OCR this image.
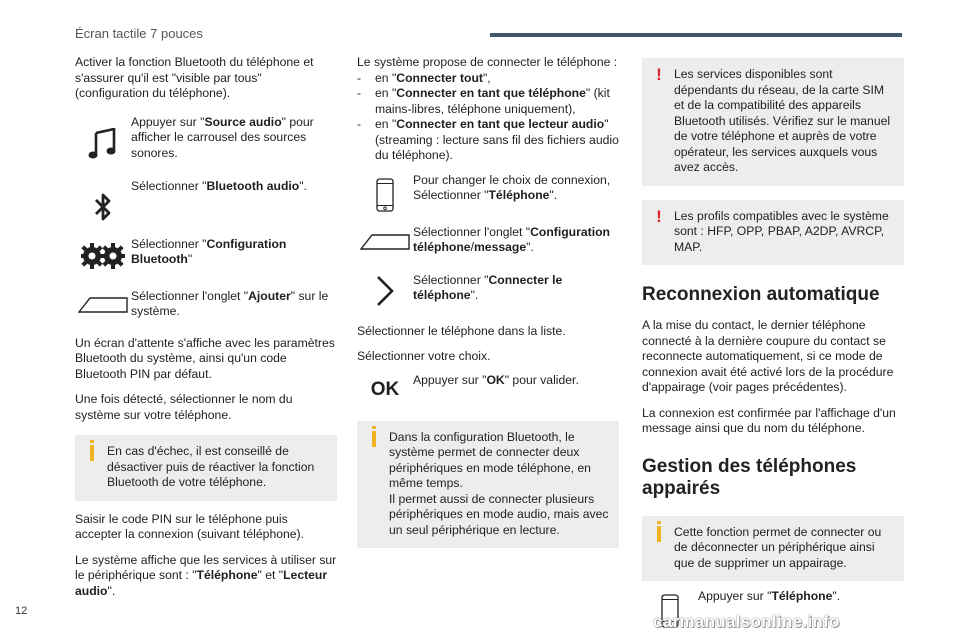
Écran tactile 7 pouces

Activer la fonction Bluetooth du téléphone et s'assurer qu'il est "visible par tous" (configuration du téléphone).

Appuyer sur "Source audio" pour afficher le carrousel des sources sonores.
Sélectionner "Bluetooth audio".
Sélectionner "Configuration Bluetooth"
Sélectionner l'onglet "Ajouter" sur le système.

Un écran d'attente s'affiche avec les paramètres Bluetooth du système, ainsi qu'un code Bluetooth PIN par défaut.

Une fois détecté, sélectionner le nom du système sur votre téléphone.

En cas d'échec, il est conseillé de désactiver puis de réactiver la fonction Bluetooth de votre téléphone.

Saisir le code PIN sur le téléphone puis accepter la connexion (suivant téléphone).

Le système affiche que les services à utiliser sur le périphérique sont : "Téléphone" et "Lecteur audio".

Le système propose de connecter le téléphone :

-	en "Connecter tout",
-	en "Connecter en tant que téléphone" (kit mains-libres, téléphone uniquement),
-	en "Connecter en tant que lecteur audio" (streaming : lecture sans fil des fichiers audio du téléphone).
Pour changer le choix de connexion, Sélectionner "Téléphone".
Sélectionner l'onglet "Configuration téléphone/message".
Sélectionner "Connecter le téléphone".

Sélectionner le téléphone dans la liste.

Sélectionner votre choix.

OK Appuyer sur "OK" pour valider.
Dans la configuration Bluetooth, le système permet de connecter deux périphériques en mode téléphone, en même temps.
Il permet aussi de connecter plusieurs périphériques en mode audio, mais avec un seul périphérique en lecture.
! Les services disponibles sont dépendants du réseau, de la carte SIM et de la compatibilité des appareils Bluetooth utilisés. Vérifiez sur le manuel de votre téléphone et auprès de votre opérateur, les services auxquels vous avez accès.
! Les profils compatibles avec le système sont : HFP, OPP, PBAP, A2DP, AVRCP, MAP.
Reconnexion automatique

A la mise du contact, le dernier téléphone connecté à la dernière coupure du contact se reconnecte automatiquement, si ce mode de connexion avait été activé lors de la procédure d'appairage (voir pages précédentes).

La connexion est confirmée par l'affichage d'un message ainsi que du nom du téléphone.

Gestion des téléphones appairés
Cette fonction permet de connecter ou de déconnecter un périphérique ainsi que de supprimer un appairage.
Appuyer sur "Téléphone".
12
carmanualsonline.info
